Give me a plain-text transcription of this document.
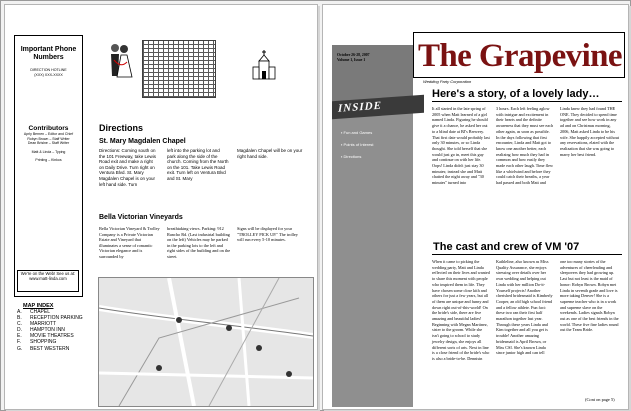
Important Phone Numbers
DIRECTION HOTLINE
(XXX) XXX-XXXX
Contributors
Aprly Bernen – Editor and Chief
Robyn Brown – Staff Writer
Dean Brislne – Staff Writer
Matt & Linda – Typing
Printing – Kinkos
We're on the Web! See us at: www.matt-linda.com
Directions
St. Mary Magdalen Chapel
Directions: Coming south on the 101 Freeway, take Lewis Road exit and make a right on Daily Drive. Turn right on Ventura Blvd. St. Mary Magdalen Chapel is on your left hand side. Turn
left into the parking lot and park along the side of the church. Coming from the North on the 101. Take Lewis Road exit. Turn left on Ventura Blvd and St. Mary
Magdalen Chapel will be on your right hand side.
Bella Victorian Vineyards
Bella Victorian Vineyard & Trolley Company is a Private Victorian Estate and Vineyard that illuminates a sense of romantic Victorian elegance and is surrounded by
breathtaking views. Parking: 912 Rancho Rd. (Last industrial building on the left) Vehicles may be parked in the parking lots to the left and right sides of the building and on the street.
Signs will be displayed for your "TROLLEY PICK UP." The trolley will run every 5-10 minutes.
MAP INDEX
A.	CHAPEL
B.	RECEPTION PARKING
C.	MARRIOTT
D.	HAMPTON INN
E.	MOVIE THEATRES
F.	SHOPPING
G.	BEST WESTERN
October 26-28, 2007
Volume 1, Issue 1 The Grapevine
Wedding Party Corporation
INSIDE
▪ Fun and Games
▪ Points of Interest
▪ Directions
Here's a story, of a lovely lady…
It all started in the late spring of 2005 when Matt learned of a girl named Linda. Figuring he should give it a chance, he asked her out to a blind date at BJ's Brewery. That first date would probably last only 30 minutes, or so Linda thought. She told herself that she would just go in, meet this guy and continue on with her life. Oops! Linda didn't just stay 30 minutes; instead she and Matt chatted the night away and "30 minutes" turned into
3 hours. Each left feeling aglow with intrigue and excitement in their hearts and the definite awareness that they must see each other again, as soon as possible. In the days following that first encounter, Linda and Matt got to know one another better, each realizing how much they had in common and how easily they made each other laugh. Time flew like a whirlwind and before they could catch their breaths, a year had passed and both Matt and
Linda knew they had found THE ONE. They decided to spend time together and see how work in any ad and on Christmas morning, 2006, Matt asked Linda to be his wife. She happily accepted without any reservations, elated with the realization that she was going to marry her best friend.
The cast and crew of VM '07
When it came to picking the wedding party, Matt and Linda reflected on their lives and wanted to share this moment with people who inspired them in life. They have chosen some close kith and others for just a few years, but all of them are unique and funny and down right out-of-this-world! On the bride's side, there are five amazing and beautiful ladies! Beginning with Megan Martinez, sister to the groom. While she isn't going to school to study jewelry design, she enjoys all different sorts of arts. Next in line is a close friend of the bride's who is also a bride-to-be. Dennisin
Kathleline, also known as Miss Quality Assurance, she enjoys stressing over details over her own wedding and helping out Linda with her million Do-it-Yourself projects! Another cherished bridesmaid is Kimberly Cooper, an old high school friend and a fellow athlete. Fun fact: these two ran their first half marathon together last year. Through these years Linda and Kim together and all you get is trouble! Another amazing bridesmaid is April Brown, or Miss CSI. She's known Linda since junior high and can tell
one too many stories of the adventures of cheerleading and sleepovers they had growing up. Last but not least is the maid of honor: Robyn Brown. Robyn met Linda in seventh grade and love is more taking Denver! She is a supreme teacher who is in a work and supreme slave on the weekends. Ladies signals Robyn out as one of the best friends in the world. These five fine ladies round out the Team Bride.
(Cont on page 5)
